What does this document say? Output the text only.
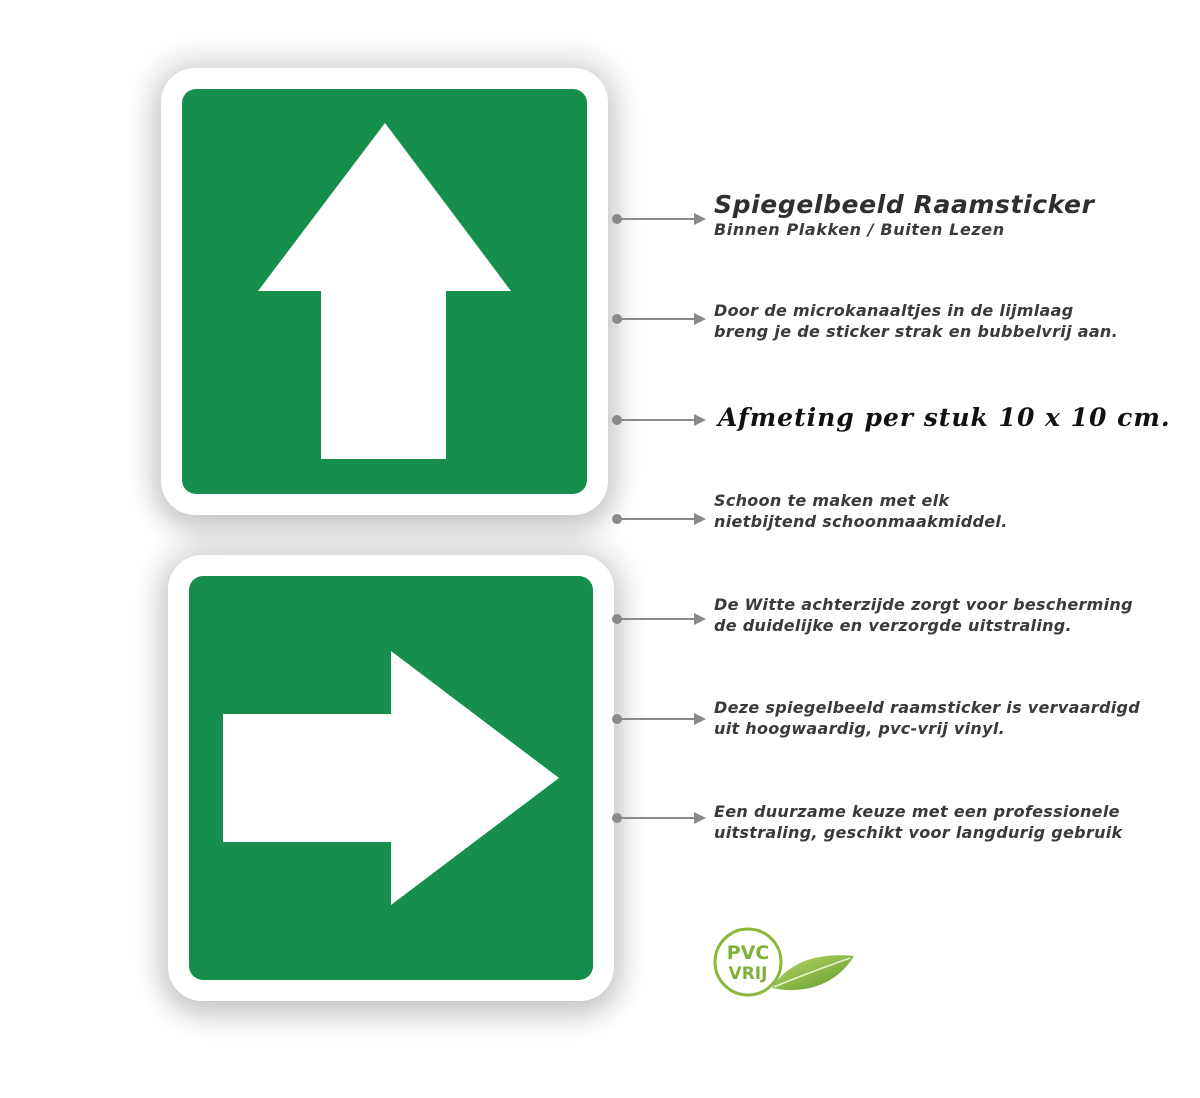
Spiegelbeeld Raamsticker
Binnen Plakken / Buiten Lezen
Door de microkanaaltjes in de lijmlaag
breng je de sticker strak en bubbelvrij aan.
Afmeting per stuk 10 x 10 cm.
Schoon te maken met elk
nietbijtend schoonmaakmiddel.
De Witte achterzijde zorgt voor bescherming
de duidelijke en verzorgde uitstraling.
Deze spiegelbeeld raamsticker is vervaardigd
uit hoogwaardig, pvc-vrij vinyl.
Een duurzame keuze met een professionele
uitstraling, geschikt voor langdurig gebruik
PVC
VRIJ
